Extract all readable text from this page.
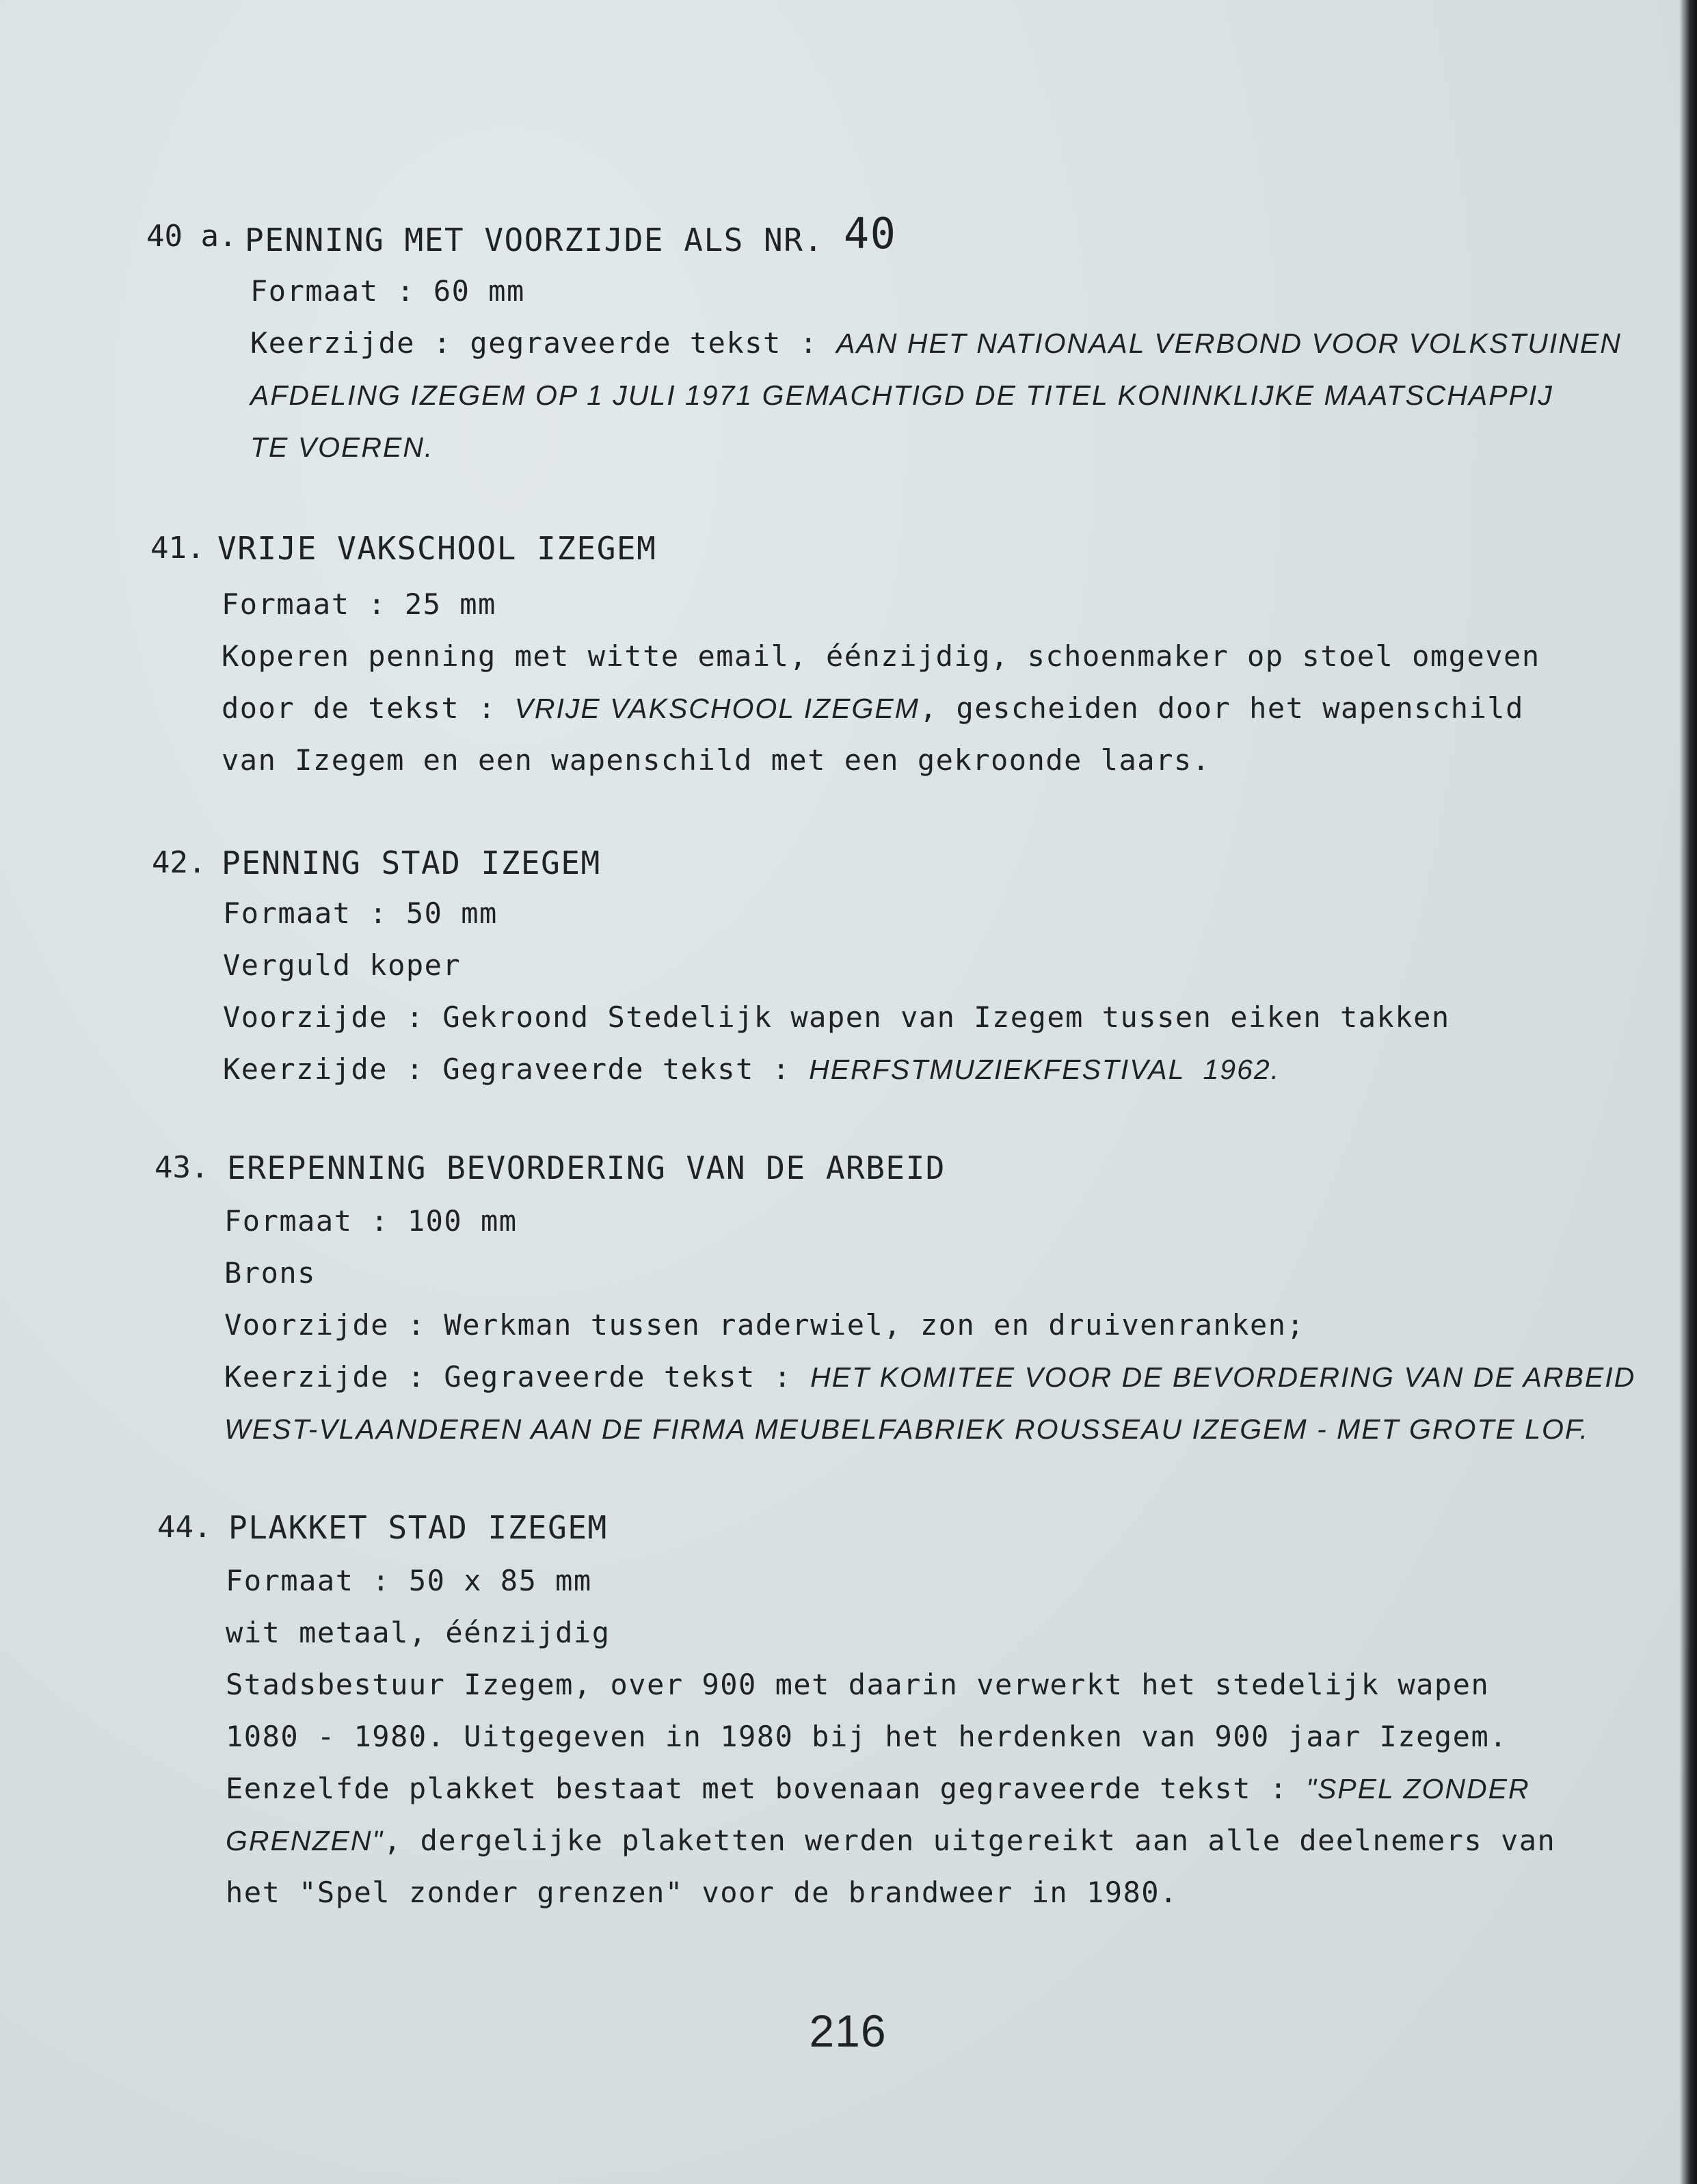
40 a. PENNING MET VOORZIJDE ALS NR. 40
Formaat : 60 mm
Keerzijde : gegraveerde tekst : AAN HET NATIONAAL VERBOND VOOR VOLKSTUINEN
AFDELING IZEGEM OP 1 JULI 1971 GEMACHTIGD DE TITEL KONINKLIJKE MAATSCHAPPIJ
TE VOEREN.
41. VRIJE VAKSCHOOL IZEGEM
Formaat : 25 mm
Koperen penning met witte email, éénzijdig, schoenmaker op stoel omgeven
door de tekst : VRIJE VAKSCHOOL IZEGEM, gescheiden door het wapenschild
van Izegem en een wapenschild met een gekroonde laars.
42. PENNING STAD IZEGEM
Formaat : 50 mm
Verguld koper
Voorzijde : Gekroond Stedelijk wapen van Izegem tussen eiken takken
Keerzijde : Gegraveerde tekst : HERFSTMUZIEKFESTIVAL  1962.
43. EREPENNING BEVORDERING VAN DE ARBEID
Formaat : 100 mm
Brons
Voorzijde : Werkman tussen raderwiel, zon en druivenranken;
Keerzijde : Gegraveerde tekst : HET KOMITEE VOOR DE BEVORDERING VAN DE ARBEID
WEST-VLAANDEREN AAN DE FIRMA MEUBELFABRIEK ROUSSEAU IZEGEM - MET GROTE LOF.
44. PLAKKET STAD IZEGEM
Formaat : 50 x 85 mm
wit metaal, éénzijdig
Stadsbestuur Izegem, over 900 met daarin verwerkt het stedelijk wapen
1080 - 1980. Uitgegeven in 1980 bij het herdenken van 900 jaar Izegem.
Eenzelfde plakket bestaat met bovenaan gegraveerde tekst : "SPEL ZONDER
GRENZEN", dergelijke plaketten werden uitgereikt aan alle deelnemers van
het "Spel zonder grenzen" voor de brandweer in 1980.
216
